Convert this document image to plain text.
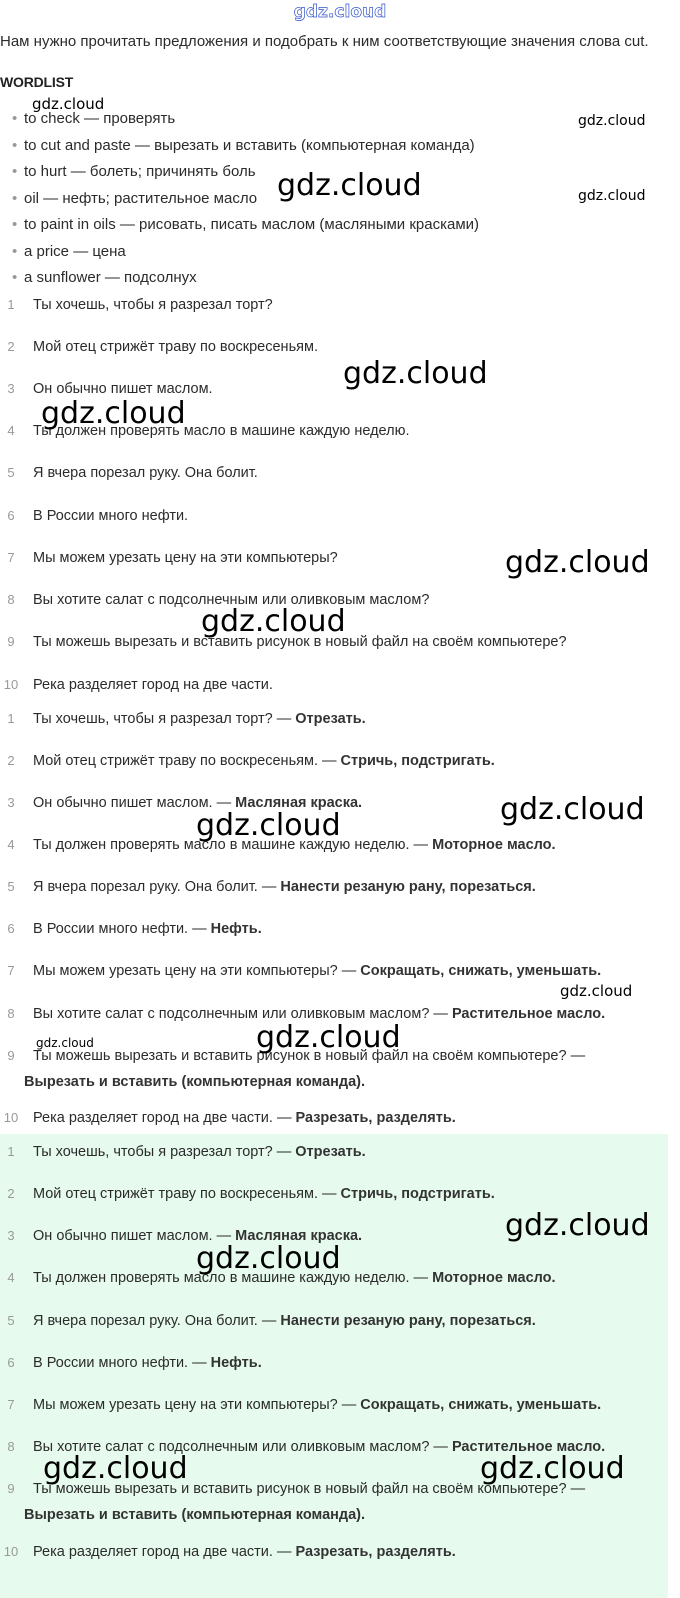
gdz.cloud
Нам нужно прочитать предложения и подобрать к ним соответствующие значения слова cut.
WORDLIST
• to check — проверять
• to cut and paste — вырезать и вставить (компьютерная команда)
• to hurt — болеть; причинять боль
• oil — нефть; растительное масло
• to paint in oils — рисовать, писать маслом (масляными красками)
• a price — цена
• a sunflower — подсолнух
1	Ты хочешь, чтобы я разрезал торт?
2	Мой отец стрижёт траву по воскресеньям.
3	Он обычно пишет маслом.
4	Ты должен проверять масло в машине каждую неделю.
5	Я вчера порезал руку. Она болит.
6	В России много нефти.
7	Мы можем урезать цену на эти компьютеры?
8	Вы хотите салат с подсолнечным или оливковым маслом?
9	Ты можешь вырезать и вставить рисунок в новый файл на своём компьютере?
10 Река разделяет город на две части.
1	Ты хочешь, чтобы я разрезал торт? — Отрезать.
2	Мой отец стрижёт траву по воскресеньям. — Стричь, подстригать.
3	Он обычно пишет маслом. — Масляная краска.
4	Ты должен проверять масло в машине каждую неделю. — Моторное масло.
5	Я вчера порезал руку. Она болит. — Нанести резаную рану, порезаться.
6	В России много нефти. — Нефть.
7	Мы можем урезать цену на эти компьютеры? — Сокращать, снижать, уменьшать.
8	Вы хотите салат с подсолнечным или оливковым маслом? — Растительное масло.
9	Ты можешь вырезать и вставить рисунок в новый файл на своём компьютере? —
Вырезать и вставить (компьютерная команда).
10 Река разделяет город на две части. — Разрезать, разделять.
1	Ты хочешь, чтобы я разрезал торт? — Отрезать.
2	Мой отец стрижёт траву по воскресеньям. — Стричь, подстригать.
3	Он обычно пишет маслом. — Масляная краска.
4	Ты должен проверять масло в машине каждую неделю. — Моторное масло.
5	Я вчера порезал руку. Она болит. — Нанести резаную рану, порезаться.
6	В России много нефти. — Нефть.
7	Мы можем урезать цену на эти компьютеры? — Сокращать, снижать, уменьшать.
8	Вы хотите салат с подсолнечным или оливковым маслом? — Растительное масло.
9	Ты можешь вырезать и вставить рисунок в новый файл на своём компьютере? —
Вырезать и вставить (компьютерная команда).
10 Река разделяет город на две части. — Разрезать, разделять.
gdz.cloud
gdz.cloud
gdz.cloud	gdz.cloud
gdz.cloud
gdz.cloud
gdz.cloud
gdz.cloud
gdz.cloud
gdz.cloud
gdz.cloud
gdz.cloud
gdz.cloud
gdz.cloud
gdz.cloud
gdz.cloud	gdz.cloud
